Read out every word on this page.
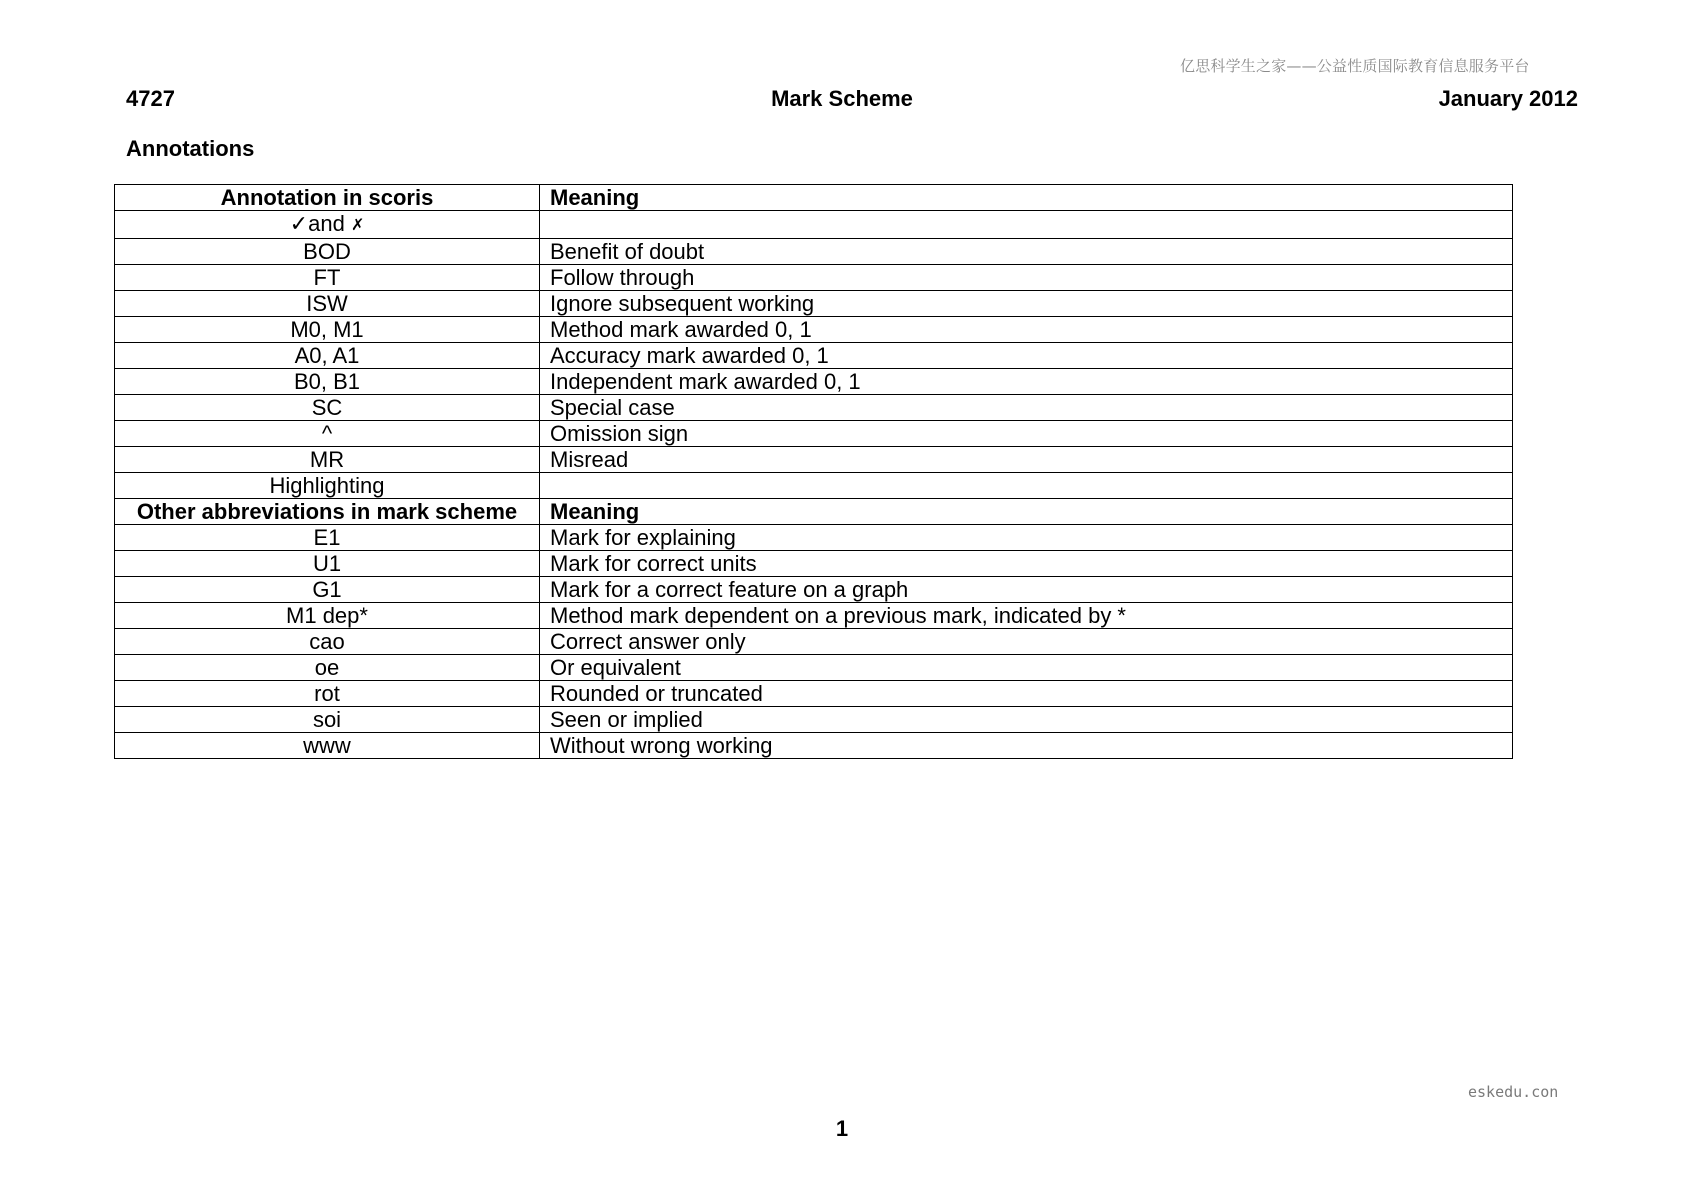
亿思科学生之家——公益性质国际教育信息服务平台
4727	Mark Scheme	January 2012
Annotations
Annotation in scoris	Meaning
✓and ✗	
BOD	Benefit of doubt
FT	Follow through
ISW	Ignore subsequent working
M0, M1	Method mark awarded 0, 1
A0, A1	Accuracy mark awarded 0, 1
B0, B1	Independent mark awarded 0, 1
SC	Special case
^	Omission sign
MR	Misread
Highlighting	
Other abbreviations in mark scheme	Meaning
E1	Mark for explaining
U1	Mark for correct units
G1	Mark for a correct feature on a graph
M1 dep*	Method mark dependent on a previous mark, indicated by *
cao	Correct answer only
oe	Or equivalent
rot	Rounded or truncated
soi	Seen or implied
www	Without wrong working
eskedu.con
1
